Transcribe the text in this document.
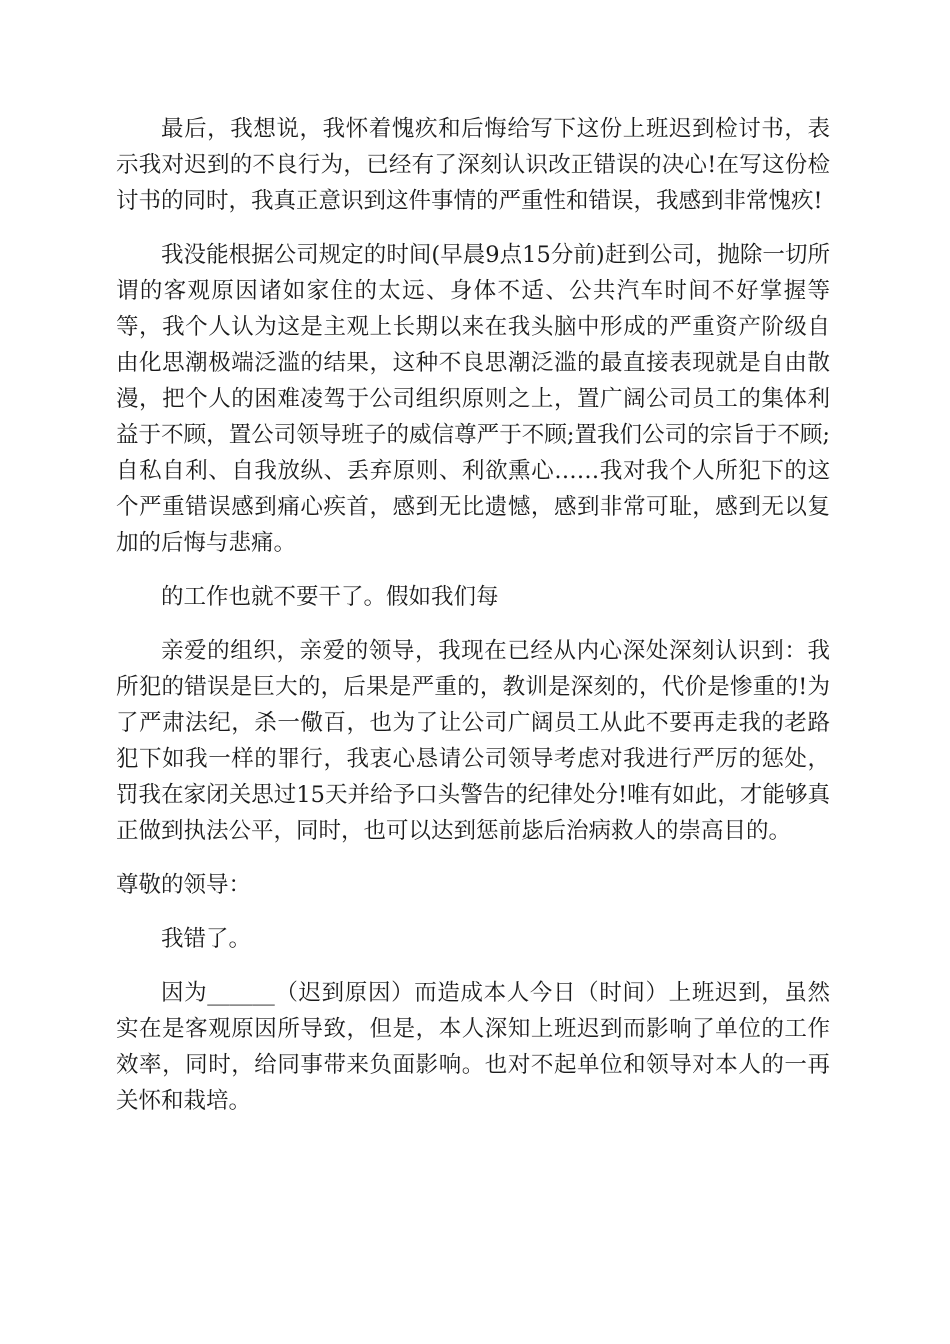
最后，我想说，我怀着愧疚和后悔给写下这份上班迟到检讨书，表示我对迟到的不良行为，已经有了深刻认识改正错误的决心!在写这份检讨书的同时，我真正意识到这件事情的严重性和错误，我感到非常愧疚!

我没能根据公司规定的时间(早晨9点15分前)赶到公司，抛除一切所谓的客观原因诸如家住的太远、身体不适、公共汽车时间不好掌握等等，我个人认为这是主观上长期以来在我头脑中形成的严重资产阶级自由化思潮极端泛滥的结果，这种不良思潮泛滥的最直接表现就是自由散漫，把个人的困难凌驾于公司组织原则之上，置广阔公司员工的集体利益于不顾，置公司领导班子的威信尊严于不顾;置我们公司的宗旨于不顾;自私自利、自我放纵、丢弃原则、利欲熏心……我对我个人所犯下的这个严重错误感到痛心疾首，感到无比遗憾，感到非常可耻，感到无以复加的后悔与悲痛。

的工作也就不要干了。假如我们每

亲爱的组织，亲爱的领导，我现在已经从内心深处深刻认识到：我所犯的错误是巨大的，后果是严重的，教训是深刻的，代价是惨重的!为了严肃法纪，杀一儆百，也为了让公司广阔员工从此不要再走我的老路犯下如我一样的罪行，我衷心恳请公司领导考虑对我进行严厉的惩处，罚我在家闭关思过15天并给予口头警告的纪律处分!唯有如此，才能够真正做到执法公平，同时，也可以达到惩前毖后治病救人的崇高目的。

尊敬的领导：

我错了。

因为______（迟到原因）而造成本人今日（时间）上班迟到，虽然实在是客观原因所导致，但是，本人深知上班迟到而影响了单位的工作效率，同时，给同事带来负面影响。也对不起单位和领导对本人的一再关怀和栽培。
